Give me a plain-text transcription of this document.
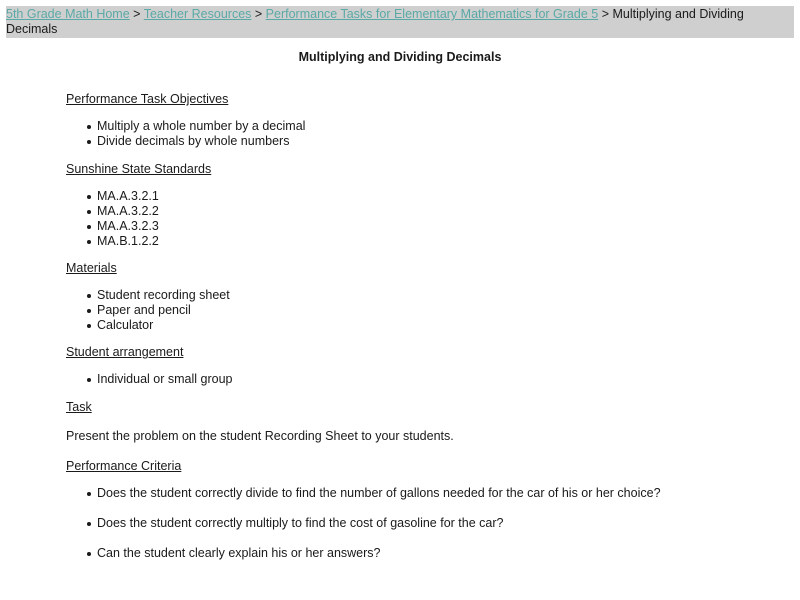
5th Grade Math Home > Teacher Resources > Performance Tasks for Elementary Mathematics for Grade 5 > Multiplying and Dividing Decimals
Multiplying and Dividing Decimals
Performance Task Objectives
Multiply a whole number by a decimal
Divide decimals by whole numbers
Sunshine State Standards
MA.A.3.2.1
MA.A.3.2.2
MA.A.3.2.3
MA.B.1.2.2
Materials
Student recording sheet
Paper and pencil
Calculator
Student arrangement
Individual or small group
Task
Present the problem on the student Recording Sheet to your students.
Performance Criteria
Does the student correctly divide to find the number of gallons needed for the car of his or her choice?
Does the student correctly multiply to find the cost of gasoline for the car?
Can the student clearly explain his or her answers?
